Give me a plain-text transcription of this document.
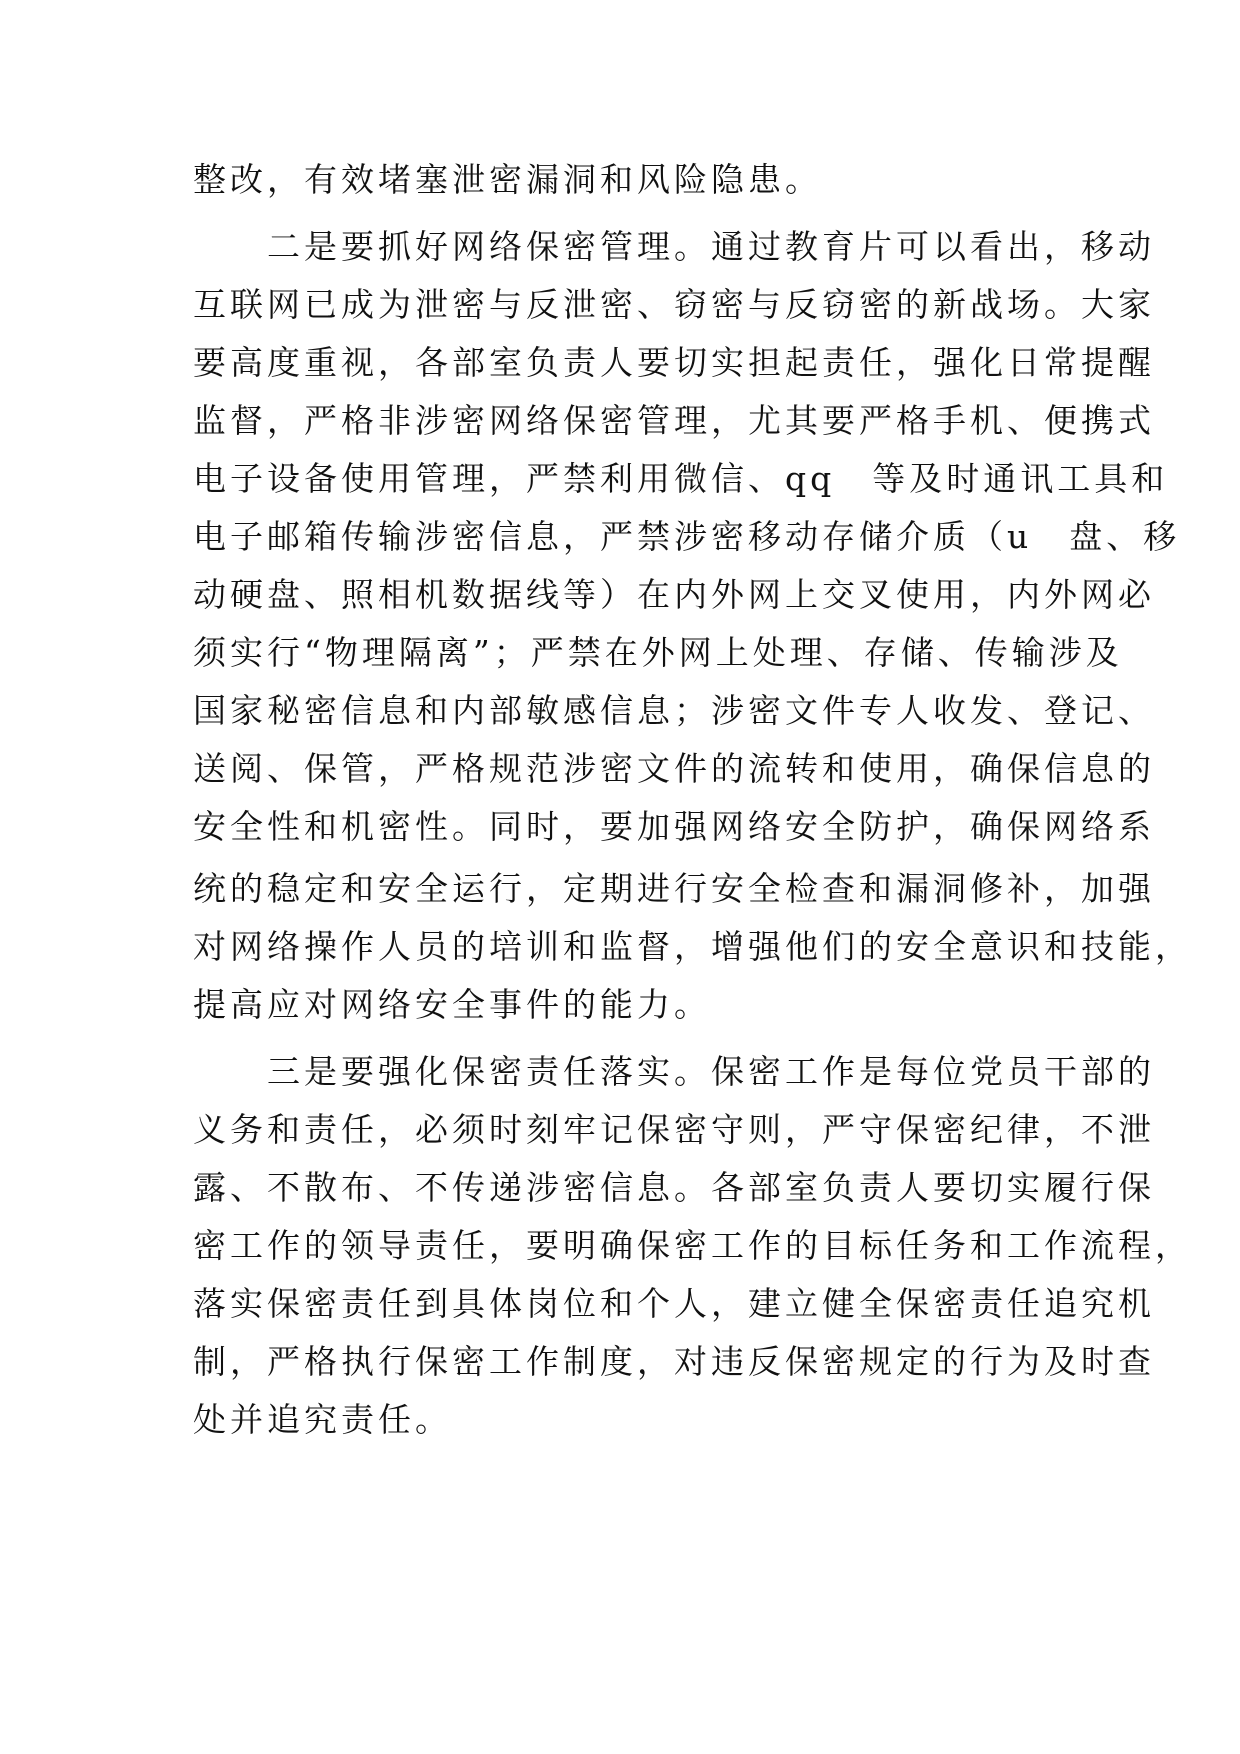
整改，有效堵塞泄密漏洞和风险隐患。
　　二是要抓好网络保密管理。通过教育片可以看出，移动
互联网已成为泄密与反泄密、窃密与反窃密的新战场。大家
要高度重视，各部室负责人要切实担起责任，强化日常提醒
监督，严格非涉密网络保密管理，尤其要严格手机、便携式
电子设备使用管理，严禁利用微信、qq　等及时通讯工具和
电子邮箱传输涉密信息，严禁涉密移动存储介质（u　盘、移
动硬盘、照相机数据线等）在内外网上交叉使用，内外网必
须实行“物理隔离”；严禁在外网上处理、存储、传输涉及
国家秘密信息和内部敏感信息；涉密文件专人收发、登记、
送阅、保管，严格规范涉密文件的流转和使用，确保信息的
安全性和机密性。同时，要加强网络安全防护，确保网络系
统的稳定和安全运行，定期进行安全检查和漏洞修补，加强
对网络操作人员的培训和监督，增强他们的安全意识和技能，
提高应对网络安全事件的能力。
　　三是要强化保密责任落实。保密工作是每位党员干部的
义务和责任，必须时刻牢记保密守则，严守保密纪律，不泄
露、不散布、不传递涉密信息。各部室负责人要切实履行保
密工作的领导责任，要明确保密工作的目标任务和工作流程，
落实保密责任到具体岗位和个人，建立健全保密责任追究机
制，严格执行保密工作制度，对违反保密规定的行为及时查
处并追究责任。
